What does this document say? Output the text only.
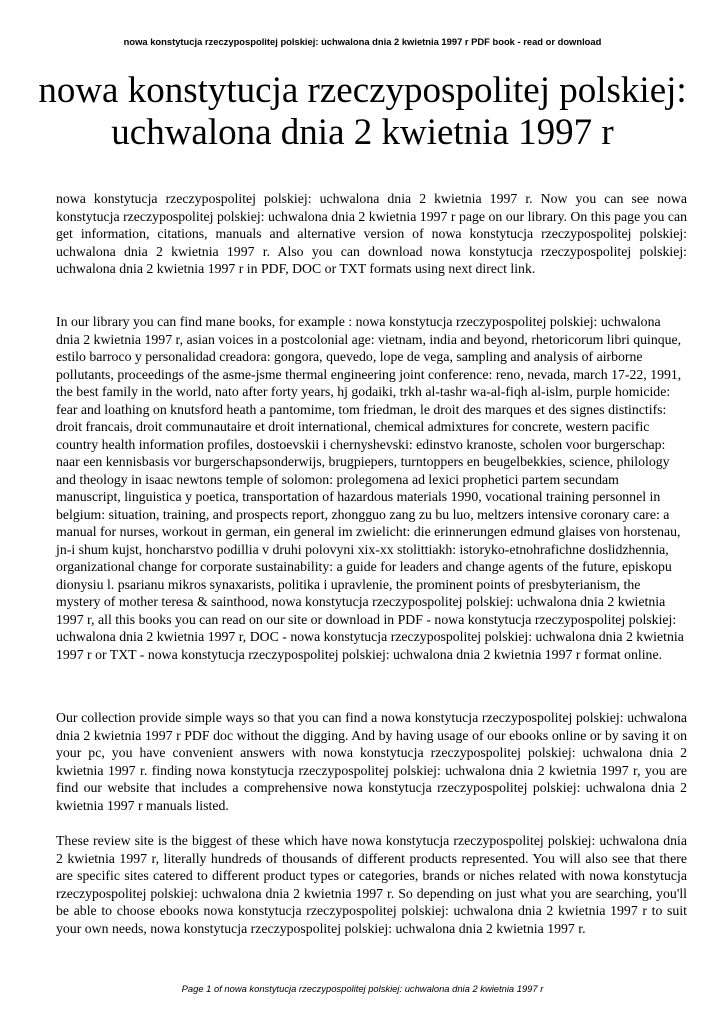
nowa konstytucja rzeczypospolitej polskiej: uchwalona dnia 2 kwietnia 1997 r PDF book - read or download
nowa konstytucja rzeczypospolitej polskiej:
uchwalona dnia 2 kwietnia 1997 r

nowa konstytucja rzeczypospolitej polskiej: uchwalona dnia 2 kwietnia 1997 r. Now you can see nowa konstytucja rzeczypospolitej polskiej: uchwalona dnia 2 kwietnia 1997 r page on our library. On this page you can get information, citations, manuals and alternative version of nowa konstytucja rzeczypospolitej polskiej: uchwalona dnia 2 kwietnia 1997 r. Also you can download nowa konstytucja rzeczypospolitej polskiej: uchwalona dnia 2 kwietnia 1997 r in PDF, DOC or TXT formats using next direct link.

In our library you can find mane books, for example : nowa konstytucja rzeczypospolitej polskiej: uchwalona dnia 2 kwietnia 1997 r, asian voices in a postcolonial age: vietnam, india and beyond, rhetoricorum libri quinque, estilo barroco y personalidad creadora: gongora, quevedo, lope de vega, sampling and analysis of airborne pollutants, proceedings of the asme-jsme thermal engineering joint conference: reno, nevada, march 17-22, 1991, the best family in the world, nato after forty years, hj godaiki, trkh al-tashr wa-al-fiqh al-islm, purple homicide: fear and loathing on knutsford heath a pantomime, tom friedman, le droit des marques et des signes distinctifs: droit francais, droit communautaire et droit international, chemical admixtures for concrete, western pacific country health information profiles, dostoevskii i chernyshevski: edinstvo kranoste, scholen voor burgerschap: naar een kennisbasis vor burgerschapsonderwijs, brugpiepers, turntoppers en beugelbekkies, science, philology and theology in isaac newtons temple of solomon: prolegomena ad lexici prophetici partem secundam manuscript, linguistica y poetica, transportation of hazardous materials 1990, vocational training personnel in belgium: situation, training, and prospects report, zhongguo zang zu bu luo, meltzers intensive coronary care: a manual for nurses, workout in german, ein general im zwielicht: die erinnerungen edmund glaises von horstenau, jn-i shum kujst, honcharstvo podillia v druhi polovyni xix-xx stolittiakh: istoryko-etnohrafichne doslidzhennia, organizational change for corporate sustainability: a guide for leaders and change agents of the future, episkopu dionysiu l. psarianu mikros synaxarists, politika i upravlenie, the prominent points of presbyterianism, the mystery of mother teresa & sainthood, nowa konstytucja rzeczypospolitej polskiej: uchwalona dnia 2 kwietnia 1997 r, all this books you can read on our site or download in PDF - nowa konstytucja rzeczypospolitej polskiej: uchwalona dnia 2 kwietnia 1997 r, DOC - nowa konstytucja rzeczypospolitej polskiej: uchwalona dnia 2 kwietnia 1997 r or TXT - nowa konstytucja rzeczypospolitej polskiej: uchwalona dnia 2 kwietnia 1997 r format online.

Our collection provide simple ways so that you can find a nowa konstytucja rzeczypospolitej polskiej: uchwalona dnia 2 kwietnia 1997 r PDF doc without the digging. And by having usage of our ebooks online or by saving it on your pc, you have convenient answers with nowa konstytucja rzeczypospolitej polskiej: uchwalona dnia 2 kwietnia 1997 r. finding nowa konstytucja rzeczypospolitej polskiej: uchwalona dnia 2 kwietnia 1997 r, you are find our website that includes a comprehensive nowa konstytucja rzeczypospolitej polskiej: uchwalona dnia 2 kwietnia 1997 r manuals listed.

These review site is the biggest of these which have nowa konstytucja rzeczypospolitej polskiej: uchwalona dnia 2 kwietnia 1997 r, literally hundreds of thousands of different products represented. You will also see that there are specific sites catered to different product types or categories, brands or niches related with nowa konstytucja rzeczypospolitej polskiej: uchwalona dnia 2 kwietnia 1997 r. So depending on just what you are searching, you'll be able to choose ebooks nowa konstytucja rzeczypospolitej polskiej: uchwalona dnia 2 kwietnia 1997 r to suit your own needs, nowa konstytucja rzeczypospolitej polskiej: uchwalona dnia 2 kwietnia 1997 r.

Page 1 of nowa konstytucja rzeczypospolitej polskiej: uchwalona dnia 2 kwietnia 1997 r
